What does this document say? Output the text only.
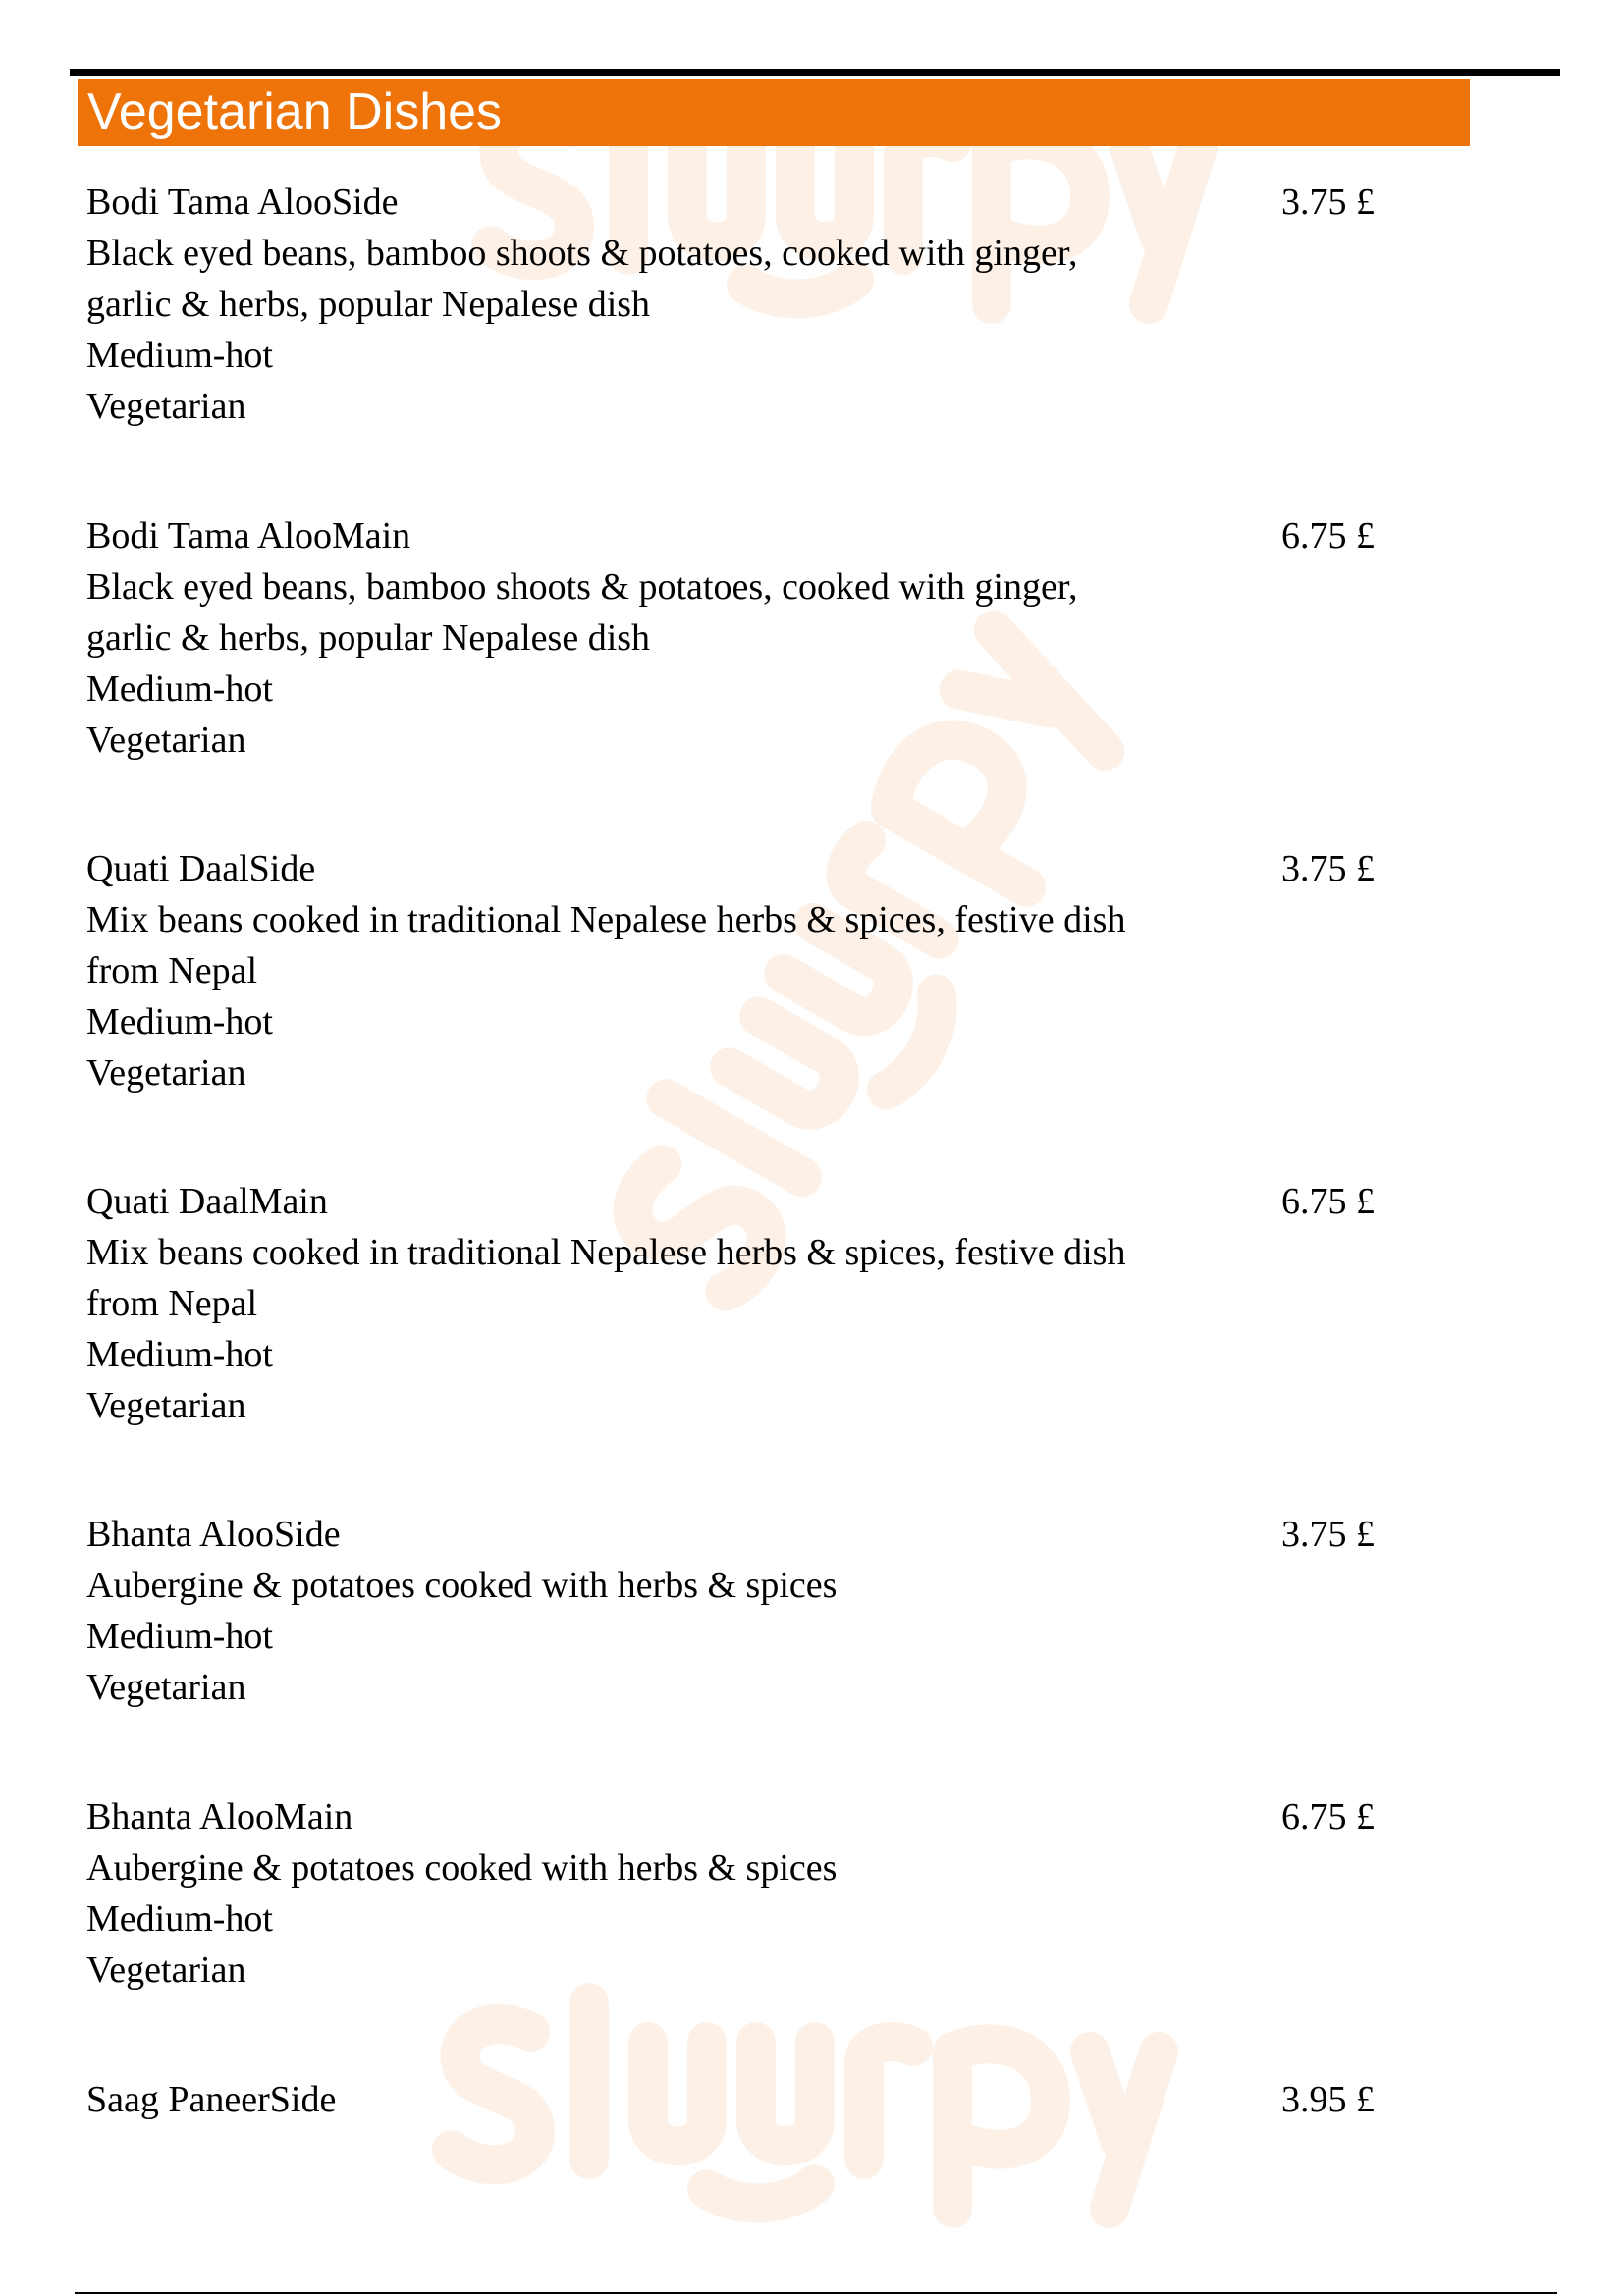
Vegetarian Dishes
Bodi Tama AlooSide
Black eyed beans, bamboo shoots & potatoes, cooked with ginger,
garlic & herbs, popular Nepalese dish
Medium-hot
Vegetarian
3.75 £
Bodi Tama AlooMain
Black eyed beans, bamboo shoots & potatoes, cooked with ginger,
garlic & herbs, popular Nepalese dish
Medium-hot
Vegetarian
6.75 £
Quati DaalSide
Mix beans cooked in traditional Nepalese herbs & spices, festive dish
from Nepal
Medium-hot
Vegetarian
3.75 £
Quati DaalMain
Mix beans cooked in traditional Nepalese herbs & spices, festive dish
from Nepal
Medium-hot
Vegetarian
6.75 £
Bhanta AlooSide
Aubergine & potatoes cooked with herbs & spices
Medium-hot
Vegetarian
3.75 £
Bhanta AlooMain
Aubergine & potatoes cooked with herbs & spices
Medium-hot
Vegetarian
6.75 £
Saag PaneerSide	3.95 £
